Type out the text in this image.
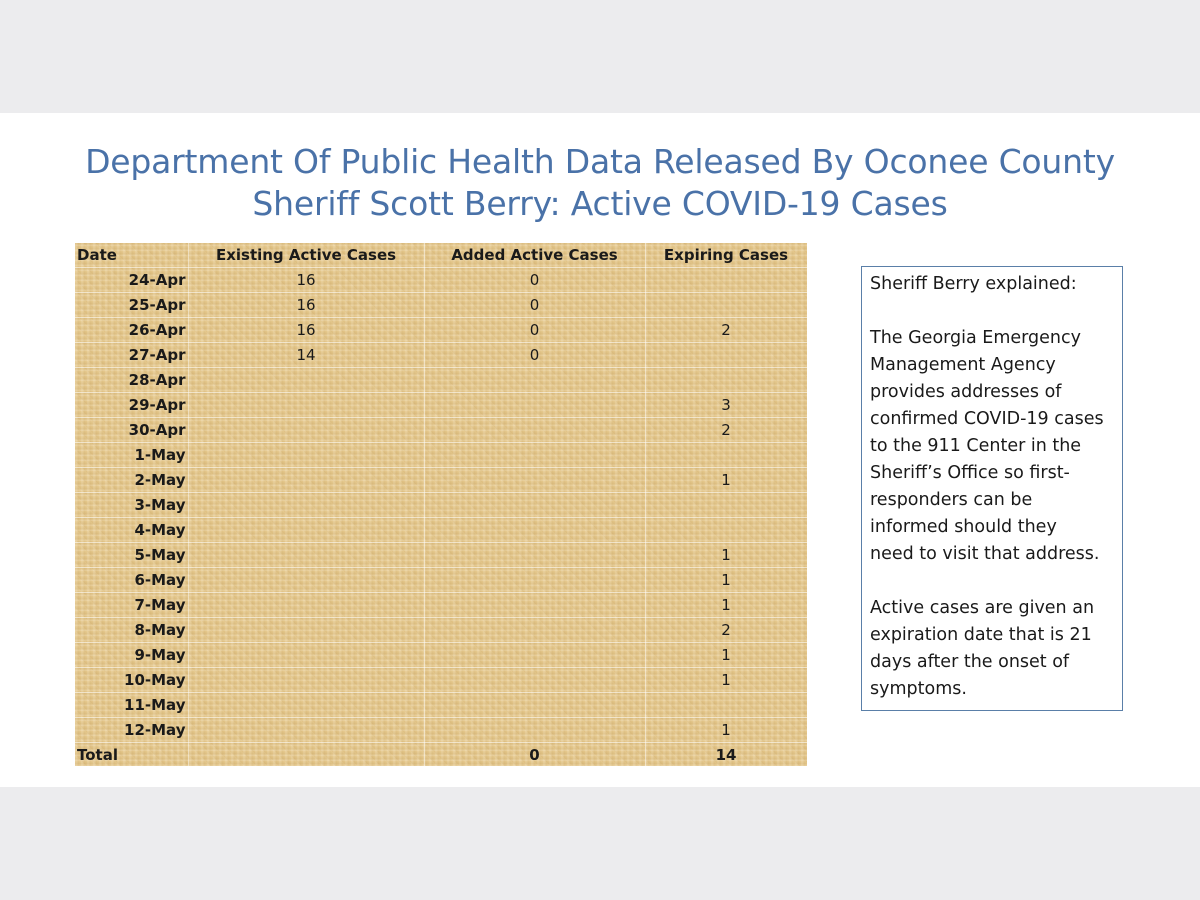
Department Of Public Health Data Released By Oconee County
Sheriff Scott Berry: Active COVID-19 Cases
Date	Existing Active Cases	Added Active Cases	Expiring Cases
24-Apr	16	0	
25-Apr	16	0	
26-Apr	16	0	2
27-Apr	14	0	
28-Apr			
29-Apr			3
30-Apr			2
1-May			
2-May			1
3-May			
4-May			
5-May			1
6-May			1
7-May			1
8-May			2
9-May			1
10-May			1
11-May			
12-May			1
Total		0	14

Sheriff Berry explained:

The Georgia Emergency
Management Agency
provides addresses of
confirmed COVID-19 cases
to the 911 Center in the
Sheriff’s Office so first-
responders can be
informed should they
need to visit that address.
Active cases are given an
expiration date that is 21
days after the onset of
symptoms.
